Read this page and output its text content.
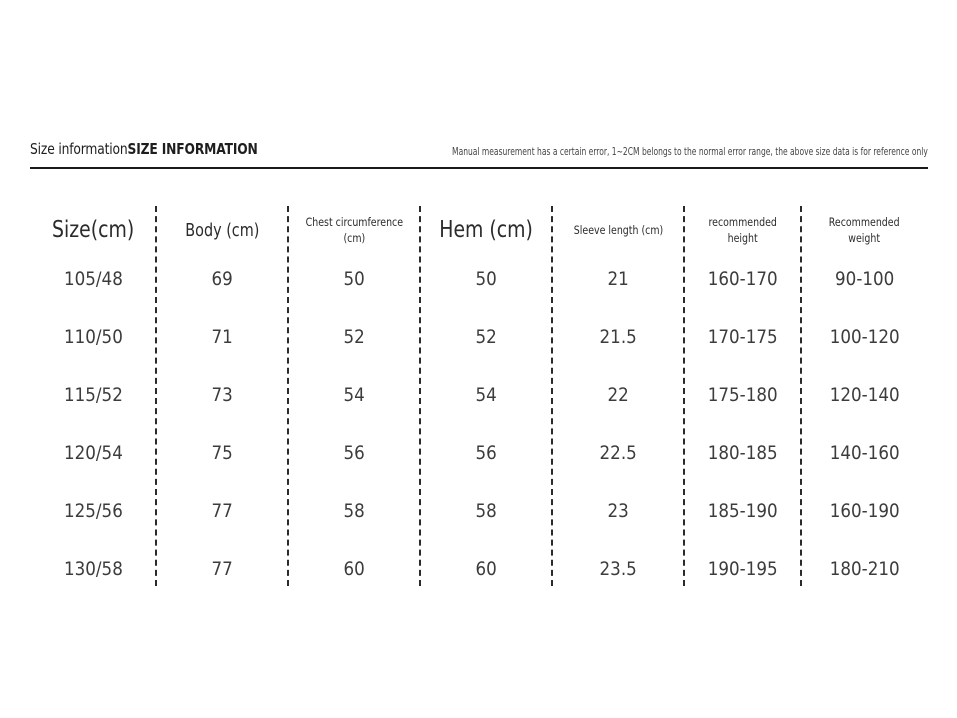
Size informationSIZE INFORMATION	Manual measurement has a certain error, 1~2CM belongs to the normal error range, the above size data is for reference only
Size(cm)
105/48
110/50
115/52
120/54
125/56
130/58
Body (cm)
69
71
73
75
77
77
Chest circumference
(cm)
50
52
54
56
58
60
Hem (cm)
50
52
54
56
58
60
Sleeve length (cm)
21
21.5
22
22.5
23
23.5
recommended
height
160-170
170-175
175-180
180-185
185-190
190-195
Recommended
weight
90-100
100-120
120-140
140-160
160-190
180-210
